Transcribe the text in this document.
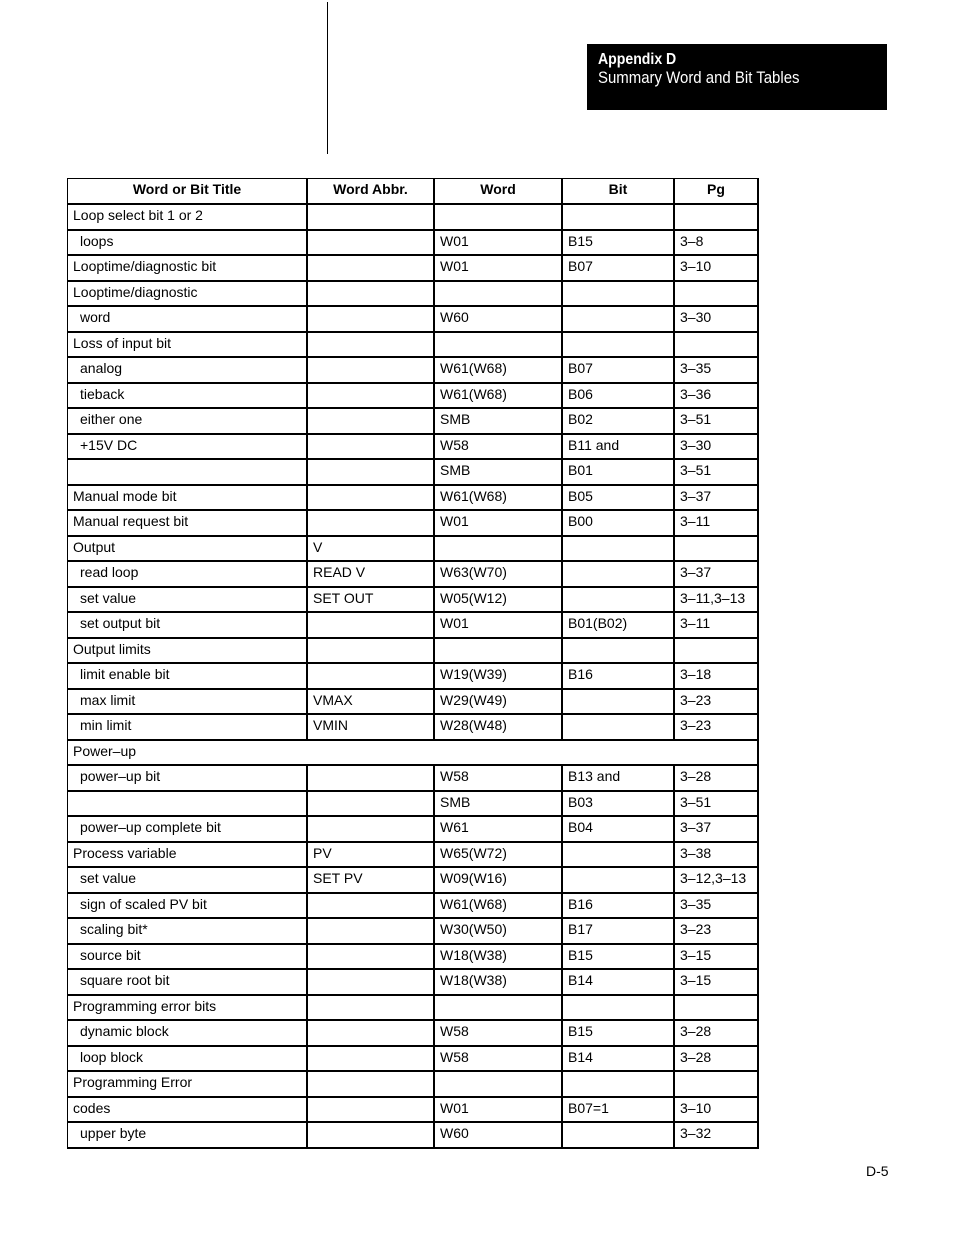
Appendix D
Summary Word and Bit Tables
Word or Bit Title	Word Abbr.	Word	Bit	Pg
Loop select bit 1 or 2				
loops		W01	B15	3–8
Looptime/diagnostic bit		W01	B07	3–10
Looptime/diagnostic				
word		W60		3–30
Loss of input bit				
analog		W61(W68)	B07	3–35
tieback		W61(W68)	B06	3–36
either one		SMB	B02	3–51
+15V DC		W58	B11 and	3–30
		SMB	B01	3–51
Manual mode bit		W61(W68)	B05	3–37
Manual request bit		W01	B00	3–11
Output	V			
read loop	READ V	W63(W70)		3–37
set value	SET OUT	W05(W12)		3–11,3–13
set output bit		W01	B01(B02)	3–11
Output limits				
limit enable bit		W19(W39)	B16	3–18
max limit	VMAX	W29(W49)		3–23
min limit	VMIN	W28(W48)		3–23
Power–up				
power–up bit		W58	B13 and	3–28
		SMB	B03	3–51
power–up complete bit		W61	B04	3–37
Process variable	PV	W65(W72)		3–38
set value	SET PV	W09(W16)		3–12,3–13
sign of scaled PV bit		W61(W68)	B16	3–35
scaling bit*		W30(W50)	B17	3–23
source bit		W18(W38)	B15	3–15
square root bit		W18(W38)	B14	3–15
Programming error bits				
dynamic block		W58	B15	3–28
loop block		W58	B14	3–28
Programming Error				
codes		W01	B07=1	3–10
upper byte		W60		3–32
D-5
